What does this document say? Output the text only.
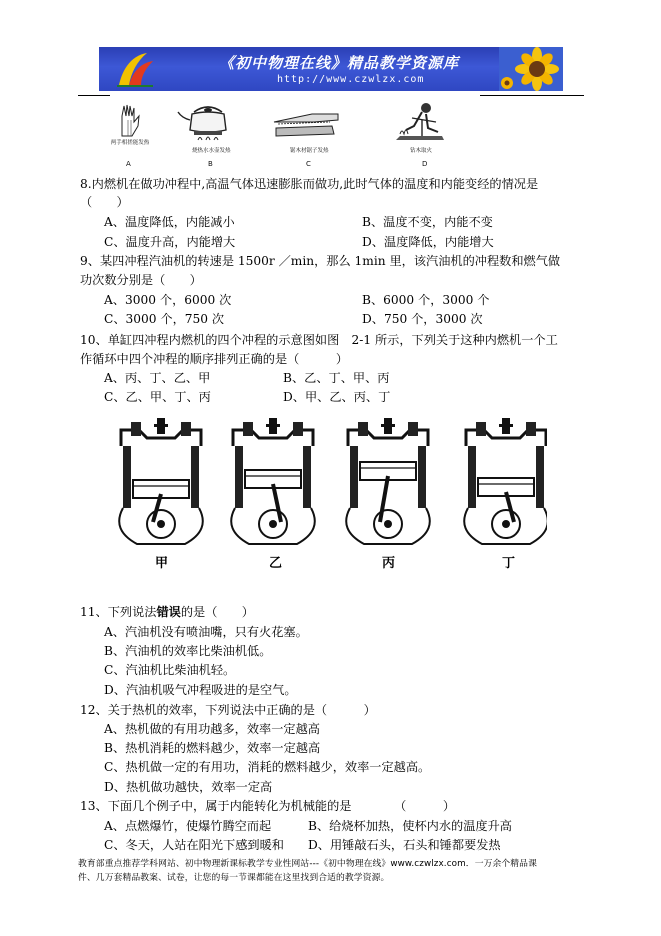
《初中物理在线》精品教学资源库
http://www.czwlzx.com
两手相搓能发热
A
烧热水水壶发热
B
锯木材锯子发热
C
钻木取火
D
8.内燃机在做功冲程中,高温气体迅速膨胀而做功,此时气体的温度和内能变经的情况是
（　　）
A、温度降低，内能减小	B、温度不变，内能不变
C、温度升高，内能增大	D、温度降低，内能增大
9、某四冲程汽油机的转速是 1500r ／min，那么 1min 里，该汽油机的冲程数和燃气做
功次数分别是（　　）
A、3000 个，6000 次	B、6000 个，3000 个
C、3000 个，750 次	D、750 个，3000 次
10、单缸四冲程内燃机的四个冲程的示意图如图　2-1 所示，下列关于这种内燃机一个工
作循环中四个冲程的顺序排列正确的是（　　　）
A、丙、丁、乙、甲	B、乙、丁、甲、丙
C、乙、甲、丁、丙	D、甲、乙、丙、丁
甲	乙	丙	丁
11、下列说法错误的是（　　）
A、汽油机没有喷油嘴，只有火花塞。
B、汽油机的效率比柴油机低。
C、汽油机比柴油机轻。
D、汽油机吸气冲程吸进的是空气。
12、关于热机的效率，下列说法中正确的是（　　　）
A、热机做的有用功越多，效率一定越高
B、热机消耗的燃料越少，效率一定越高
C、热机做一定的有用功，消耗的燃料越少，效率一定越高。
D、热机做功越快，效率一定高
13、下面几个例子中，属于内能转化为机械能的是　　　　（　　　）
A、点燃爆竹，使爆竹腾空而起	B、给烧杯加热，使杯内水的温度升高
C、冬天，人站在阳光下感到暖和 D、用锤敲石头，石头和锤都要发热
教育部重点推荐学科网站、初中物理新课标教学专业性网站---《初中物理在线》www.czwlzx.com．一万余个精品课
件、几万套精品教案、试卷，让您的每一节课都能在这里找到合适的教学资源。
